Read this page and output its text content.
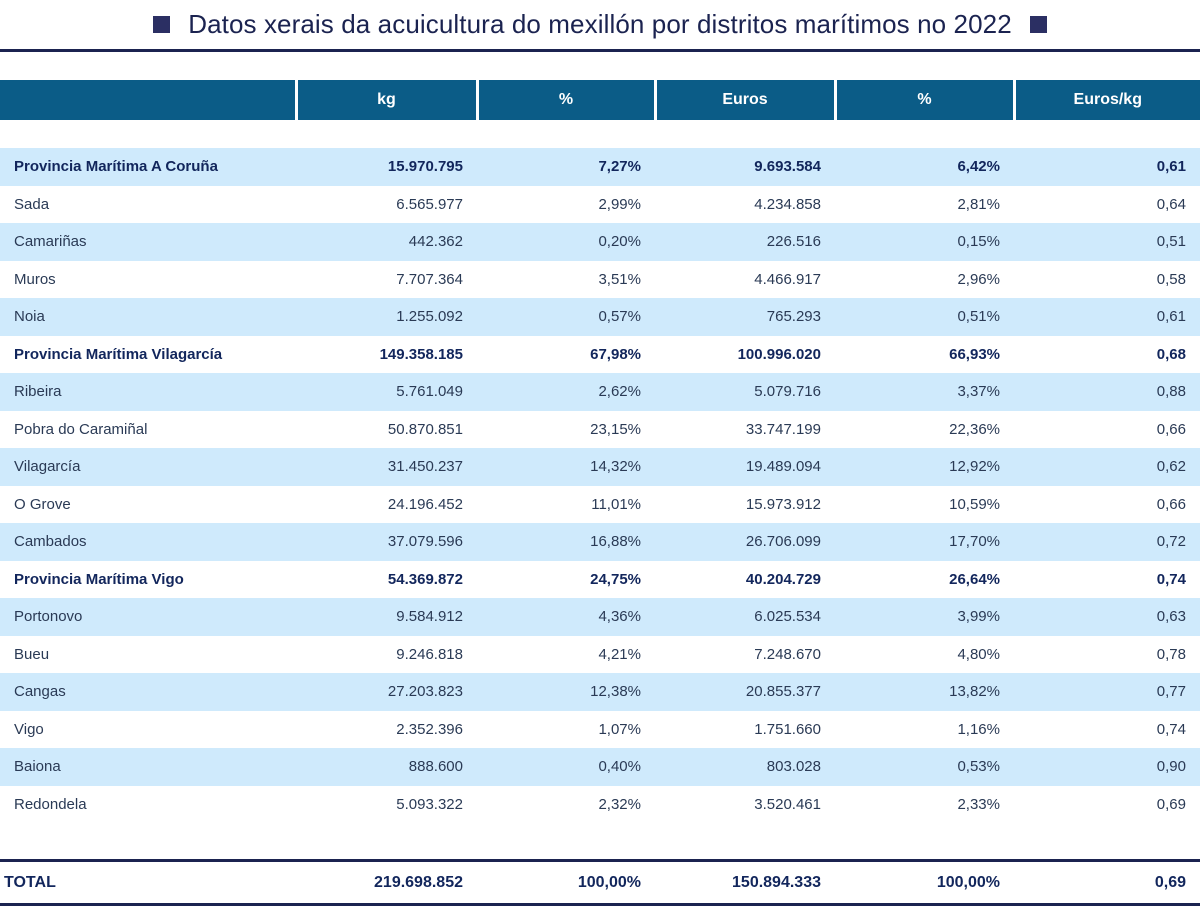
Datos xerais da acuicultura do mexillón por distritos marítimos no 2022

	kg	%	Euros	%	Euros/kg

Provincia Marítima A Coruña	15.970.795	7,27%	9.693.584	6,42%	0,61
Sada	6.565.977	2,99%	4.234.858	2,81%	0,64
Camariñas	442.362	0,20%	226.516	0,15%	0,51
Muros	7.707.364	3,51%	4.466.917	2,96%	0,58
Noia	1.255.092	0,57%	765.293	0,51%	0,61
Provincia Marítima Vilagarcía	149.358.185	67,98%	100.996.020	66,93%	0,68
Ribeira	5.761.049	2,62%	5.079.716	3,37%	0,88
Pobra do Caramiñal	50.870.851	23,15%	33.747.199	22,36%	0,66
Vilagarcía	31.450.237	14,32%	19.489.094	12,92%	0,62
O Grove	24.196.452	11,01%	15.973.912	10,59%	0,66
Cambados	37.079.596	16,88%	26.706.099	17,70%	0,72
Provincia Marítima Vigo	54.369.872	24,75%	40.204.729	26,64%	0,74
Portonovo	9.584.912	4,36%	6.025.534	3,99%	0,63
Bueu	9.246.818	4,21%	7.248.670	4,80%	0,78
Cangas	27.203.823	12,38%	20.855.377	13,82%	0,77
Vigo	2.352.396	1,07%	1.751.660	1,16%	0,74
Baiona	888.600	0,40%	803.028	0,53%	0,90
Redondela	5.093.322	2,32%	3.520.461	2,33%	0,69

TOTAL	219.698.852	100,00%	150.894.333	100,00%	0,69
